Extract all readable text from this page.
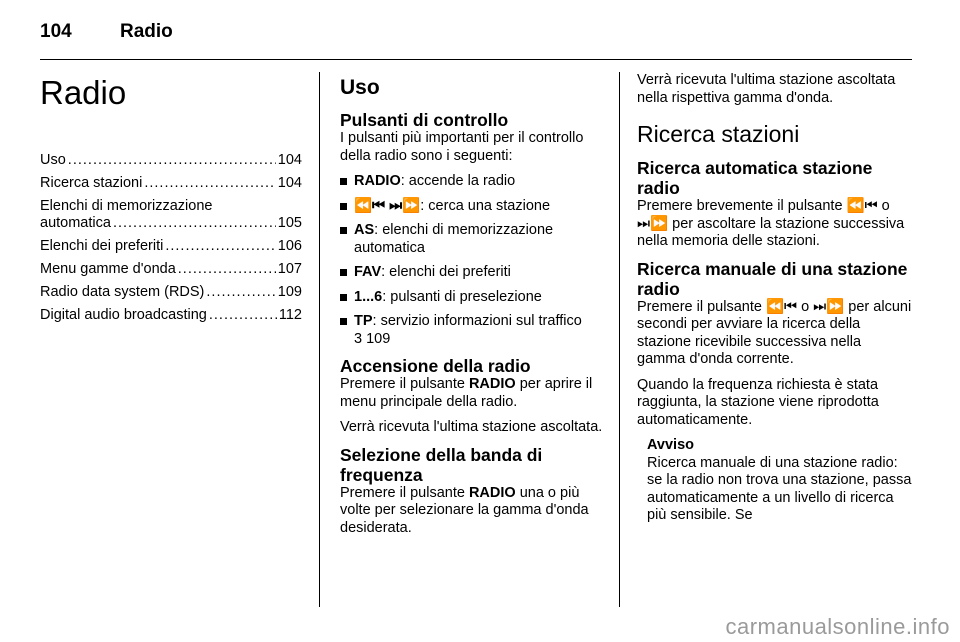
104	Radio
Radio
Uso .....	104
Ricerca stazioni .....	104
Elenchi di memorizzazione
automatica .....	105
Elenchi dei preferiti .....	106
Menu gamme d'onda .....	107
Radio data system (RDS) .....	109
Digital audio broadcasting .....	112
Uso
Pulsanti di controllo

I pulsanti più importanti per il controllo della radio sono i seguenti:

RADIO: accende la radio
⏪⏮ ⏭⏩: cerca una stazione
AS: elenchi di memorizzazione automatica
FAV: elenchi dei preferiti
1...6: pulsanti di preselezione
TP: servizio informazioni sul traffico
3 109
Accensione della radio

Premere il pulsante RADIO per aprire il menu principale della radio.

Verrà ricevuta l'ultima stazione ascoltata.

Selezione della banda di frequenza

Premere il pulsante RADIO una o più volte per selezionare la gamma d'onda desiderata.

Verrà ricevuta l'ultima stazione ascoltata nella rispettiva gamma d'onda.

Ricerca stazioni
Ricerca automatica stazione radio

Premere brevemente il pulsante ⏪⏮ o ⏭⏩ per ascoltare la stazione successiva nella memoria delle stazioni.

Ricerca manuale di una stazione radio

Premere il pulsante ⏪⏮ o ⏭⏩ per alcuni secondi per avviare la ricerca della stazione ricevibile successiva nella gamma d'onda corrente.

Quando la frequenza richiesta è stata raggiunta, la stazione viene riprodotta automaticamente.

Avviso

Ricerca manuale di una stazione radio: se la radio non trova una stazione, passa automaticamente a un livello di ricerca più sensibile. Se

carmanualsonline.info
